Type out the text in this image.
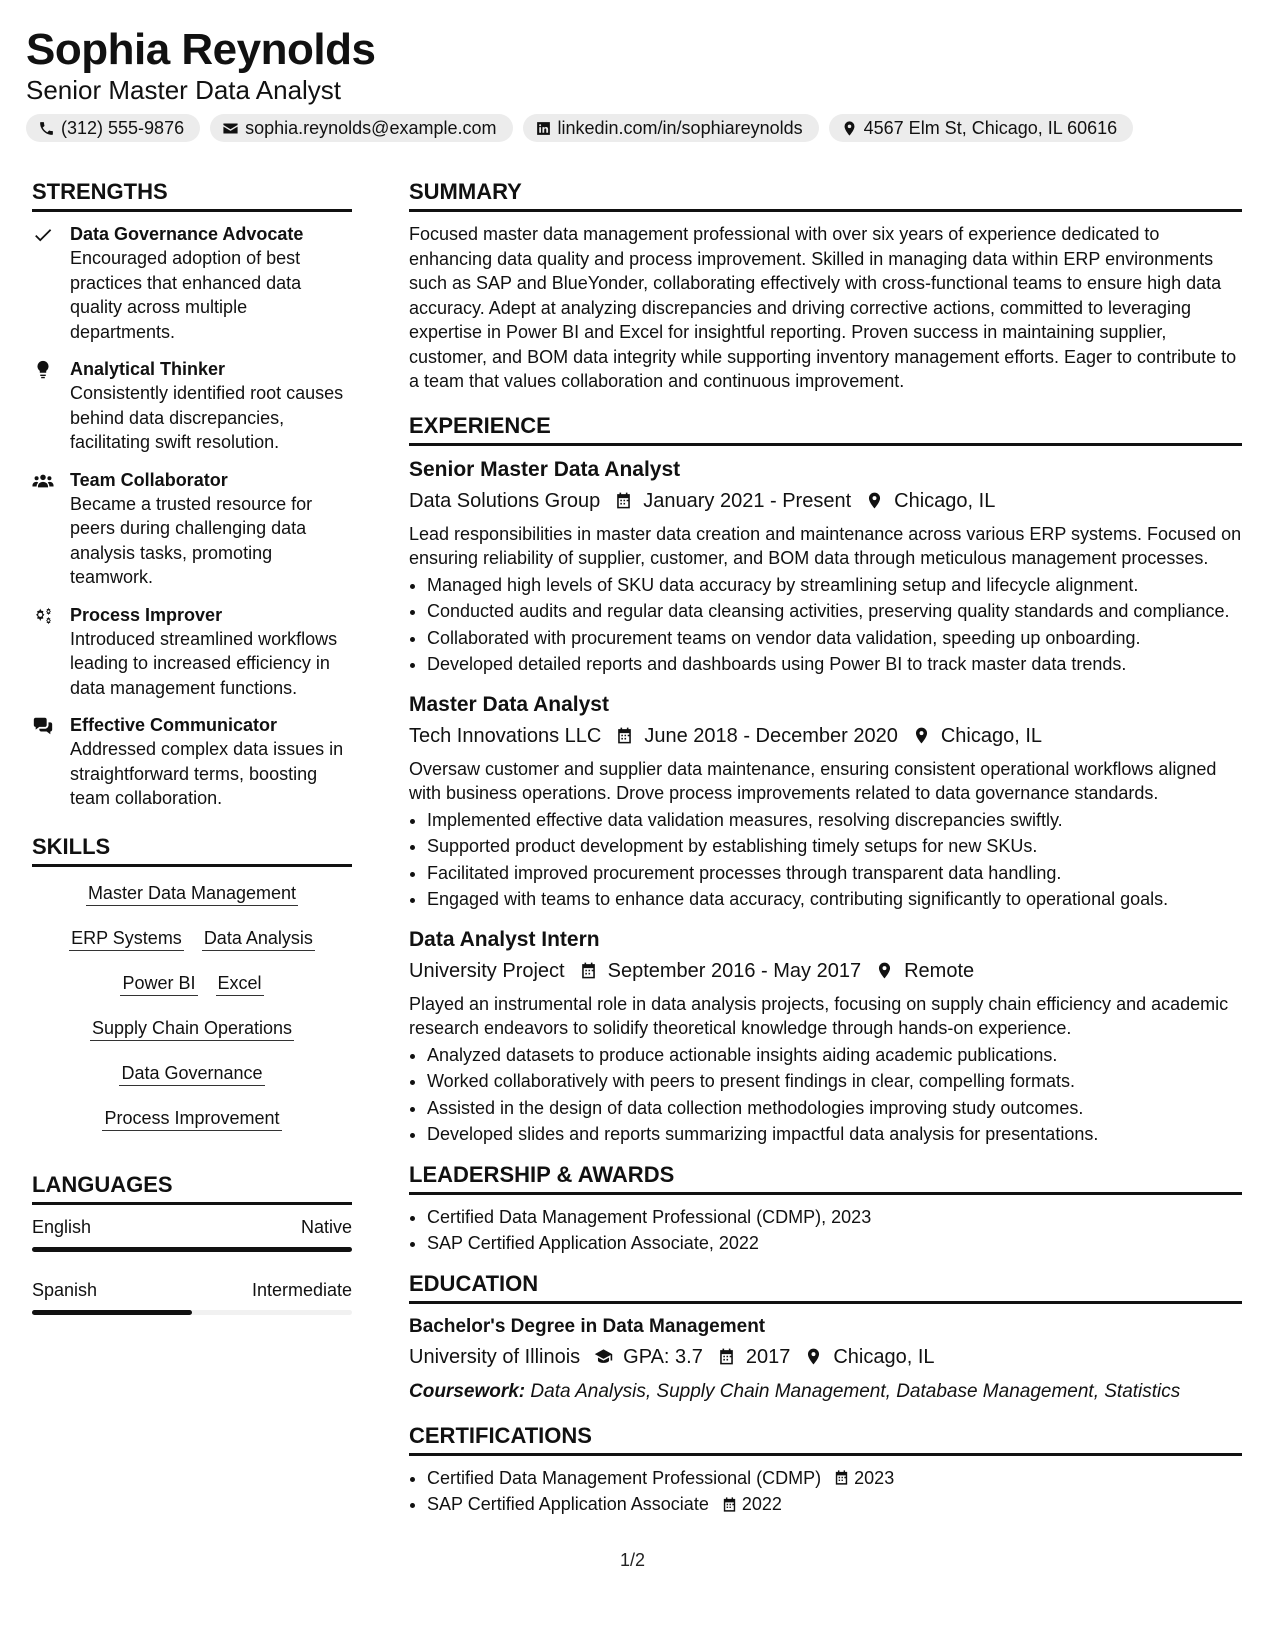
Sophia Reynolds
Senior Master Data Analyst
(312) 555-9876	sophia.reynolds@example.com	linkedin.com/in/sophiareynolds	4567 Elm St, Chicago, IL 60616
STRENGTHS
Data Governance Advocate
Encouraged adoption of best practices that enhanced data quality across multiple departments.
Analytical Thinker
Consistently identified root causes behind data discrepancies, facilitating swift resolution.
Team Collaborator
Became a trusted resource for peers during challenging data analysis tasks, promoting teamwork.
Process Improver
Introduced streamlined workflows leading to increased efficiency in data management functions.
Effective Communicator
Addressed complex data issues in straightforward terms, boosting team collaboration.
SKILLS
Master Data Management
ERP Systems Data Analysis
Power BI Excel
Supply Chain Operations
Data Governance
Process Improvement
LANGUAGES
English	Native
Spanish	Intermediate
SUMMARY
Focused master data management professional with over six years of experience dedicated to enhancing data quality and process improvement. Skilled in managing data within ERP environments such as SAP and BlueYonder, collaborating effectively with cross-functional teams to ensure high data accuracy. Adept at analyzing discrepancies and driving corrective actions, committed to leveraging expertise in Power BI and Excel for insightful reporting. Proven success in maintaining supplier, customer, and BOM data integrity while supporting inventory management efforts. Eager to contribute to a team that values collaboration and continuous improvement.
EXPERIENCE
Senior Master Data Analyst
Data Solutions Group January 2021 - Present Chicago, IL
Lead responsibilities in master data creation and maintenance across various ERP systems. Focused on ensuring reliability of supplier, customer, and BOM data through meticulous management processes.
• Managed high levels of SKU data accuracy by streamlining setup and lifecycle alignment.
• Conducted audits and regular data cleansing activities, preserving quality standards and compliance.
• Collaborated with procurement teams on vendor data validation, speeding up onboarding.
• Developed detailed reports and dashboards using Power BI to track master data trends.
Master Data Analyst
Tech Innovations LLC June 2018 - December 2020 Chicago, IL
Oversaw customer and supplier data maintenance, ensuring consistent operational workflows aligned with business operations. Drove process improvements related to data governance standards.
• Implemented effective data validation measures, resolving discrepancies swiftly.
• Supported product development by establishing timely setups for new SKUs.
• Facilitated improved procurement processes through transparent data handling.
• Engaged with teams to enhance data accuracy, contributing significantly to operational goals.
Data Analyst Intern
University Project September 2016 - May 2017 Remote
Played an instrumental role in data analysis projects, focusing on supply chain efficiency and academic research endeavors to solidify theoretical knowledge through hands-on experience.
• Analyzed datasets to produce actionable insights aiding academic publications.
• Worked collaboratively with peers to present findings in clear, compelling formats.
• Assisted in the design of data collection methodologies improving study outcomes.
• Developed slides and reports summarizing impactful data analysis for presentations.
LEADERSHIP & AWARDS
• Certified Data Management Professional (CDMP), 2023
• SAP Certified Application Associate, 2022
EDUCATION
Bachelor's Degree in Data Management
University of Illinois GPA: 3.7 2017 Chicago, IL
Coursework: Data Analysis, Supply Chain Management, Database Management, Statistics
CERTIFICATIONS
• Certified Data Management Professional (CDMP) 2023
• SAP Certified Application Associate 2022
1/2
